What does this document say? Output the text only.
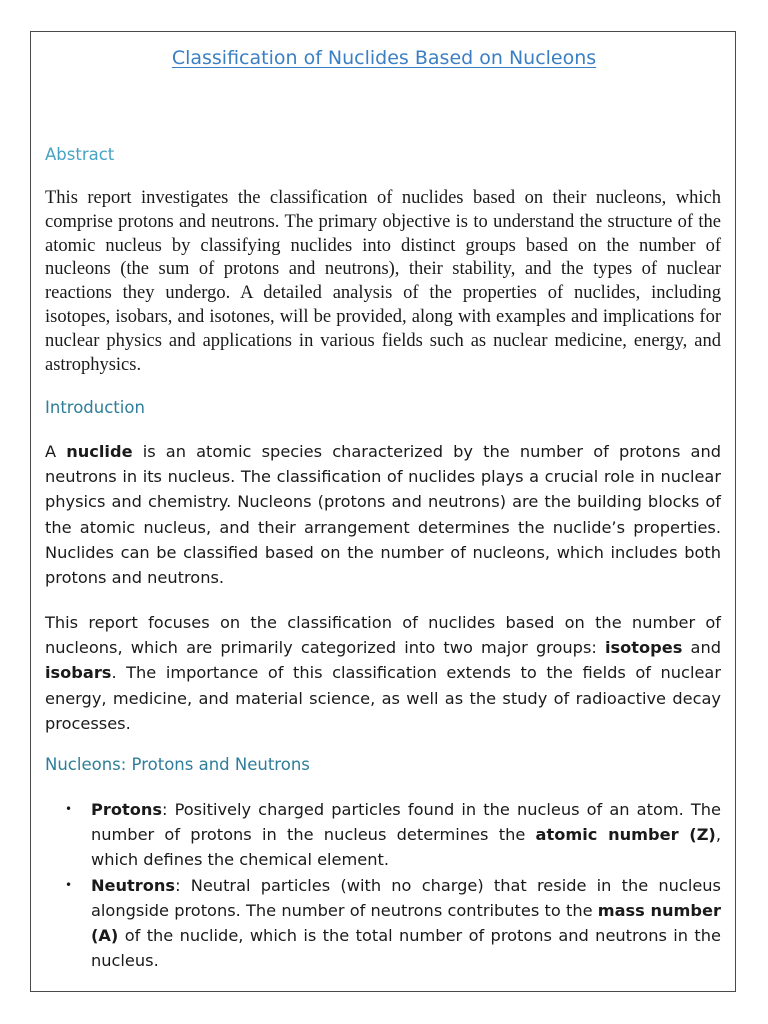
Classification of Nuclides Based on Nucleons
Abstract

This report investigates the classification of nuclides based on their nucleons, which comprise protons and neutrons. The primary objective is to understand the structure of the atomic nucleus by classifying nuclides into distinct groups based on the number of nucleons (the sum of protons and neutrons), their stability, and the types of nuclear reactions they undergo. A detailed analysis of the properties of nuclides, including isotopes, isobars, and isotones, will be provided, along with examples and implications for nuclear physics and applications in various fields such as nuclear medicine, energy, and astrophysics.

Introduction

A nuclide is an atomic species characterized by the number of protons and neutrons in its nucleus. The classification of nuclides plays a crucial role in nuclear physics and chemistry. Nucleons (protons and neutrons) are the building blocks of the atomic nucleus, and their arrangement determines the nuclide’s properties. Nuclides can be classified based on the number of nucleons, which includes both protons and neutrons.

This report focuses on the classification of nuclides based on the number of nucleons, which are primarily categorized into two major groups: isotopes and isobars. The importance of this classification extends to the fields of nuclear energy, medicine, and material science, as well as the study of radioactive decay processes.

Nucleons: Protons and Neutrons
• Protons: Positively charged particles found in the nucleus of an atom. The number of protons in the nucleus determines the atomic number (Z), which defines the chemical element.
• Neutrons: Neutral particles (with no charge) that reside in the nucleus alongside protons. The number of neutrons contributes to the mass number (A) of the nuclide, which is the total number of protons and neutrons in the nucleus.
